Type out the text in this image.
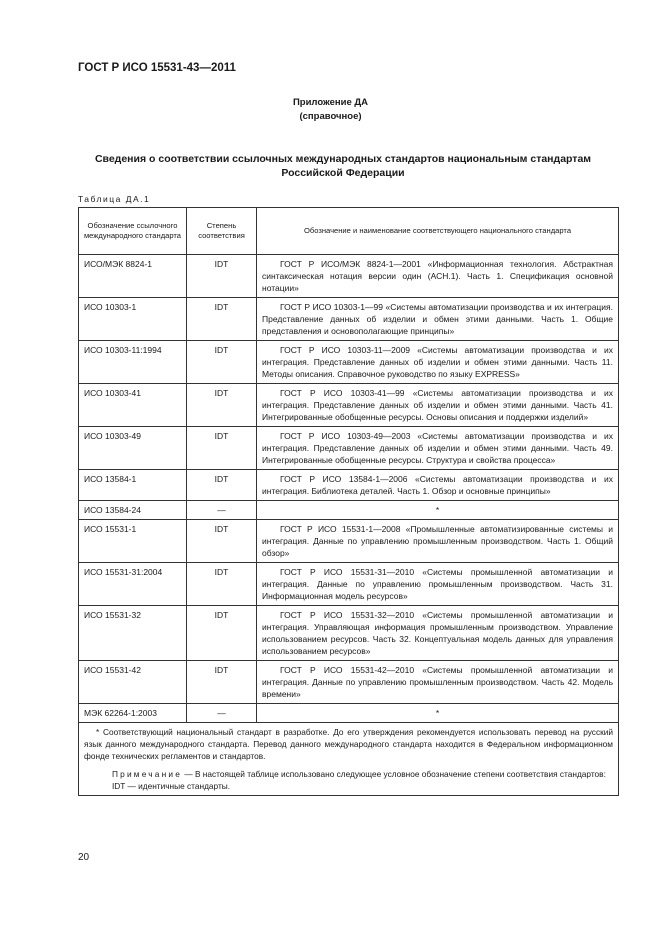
ГОСТ Р ИСО 15531-43—2011
Приложение ДА
(справочное)
Сведения о соответствии ссылочных международных стандартов национальным стандартам
Российской Федерации
Таблица ДА.1
Обозначение ссылочного международного стандарта	Степень соответствия	Обозначение и наименование соответствующего национального стандарта
ИСО/МЭК 8824-1	IDT	ГОСТ Р ИСО/МЭК 8824-1—2001 «Информационная технология. Абстрактная синтаксическая нотация версии один (АСН.1). Часть 1. Спецификация основной нотации»
ИСО 10303-1	IDT	ГОСТ Р ИСО 10303-1—99 «Системы автоматизации производства и их интеграция. Представление данных об изделии и обмен этими данными. Часть 1. Общие представления и основополагающие принципы»
ИСО 10303-11:1994	IDT	ГОСТ Р ИСО 10303-11—2009 «Системы автоматизации производства и их интеграция. Представление данных об изделии и обмен этими данными. Часть 11. Методы описания. Справочное руководство по языку EXPRESS»
ИСО 10303-41	IDT	ГОСТ Р ИСО 10303-41—99 «Системы автоматизации производства и их интеграция. Представление данных об изделии и обмен этими данными. Часть 41. Интегрированные обобщенные ресурсы. Основы описания и поддержки изделий»
ИСО 10303-49	IDT	ГОСТ Р ИСО 10303-49—2003 «Системы автоматизации производства и их интеграция. Представление данных об изделии и обмен этими данными. Часть 49. Интегрированные обобщенные ресурсы. Структура и свойства процесса»
ИСО 13584-1	IDT	ГОСТ Р ИСО 13584-1—2006 «Системы автоматизации производства и их интеграция. Библиотека деталей. Часть 1. Обзор и основные принципы»
ИСО 13584-24	—	*
ИСО 15531-1	IDT	ГОСТ Р ИСО 15531-1—2008 «Промышленные автоматизированные системы и интеграция. Данные по управлению промышленным производством. Часть 1. Общий обзор»
ИСО 15531-31:2004	IDT	ГОСТ Р ИСО 15531-31—2010 «Системы промышленной автоматизации и интеграция. Данные по управлению промышленным производством. Часть 31. Информационная модель ресурсов»
ИСО 15531-32	IDT	ГОСТ Р ИСО 15531-32—2010 «Системы промышленной автоматизации и интеграция. Управляющая информация промышленным производством. Управление использованием ресурсов. Часть 32. Концептуальная модель данных для управления использованием ресурсов»
ИСО 15531-42	IDT	ГОСТ Р ИСО 15531-42—2010 «Системы промышленной автоматизации и интеграция. Данные по управлению промышленным производством. Часть 42. Модель времени»
МЭК 62264-1:2003	—	*

* Соответствующий национальный стандарт в разработке. До его утверждения рекомендуется использовать перевод на русский язык данного международного стандарта. Перевод данного международного стандарта находится в Федеральном информационном фонде технических регламентов и стандартов.

Примечание — В настоящей таблице использовано следующее условное обозначение степени соответствия стандартов:

IDT — идентичные стандарты.		

20
